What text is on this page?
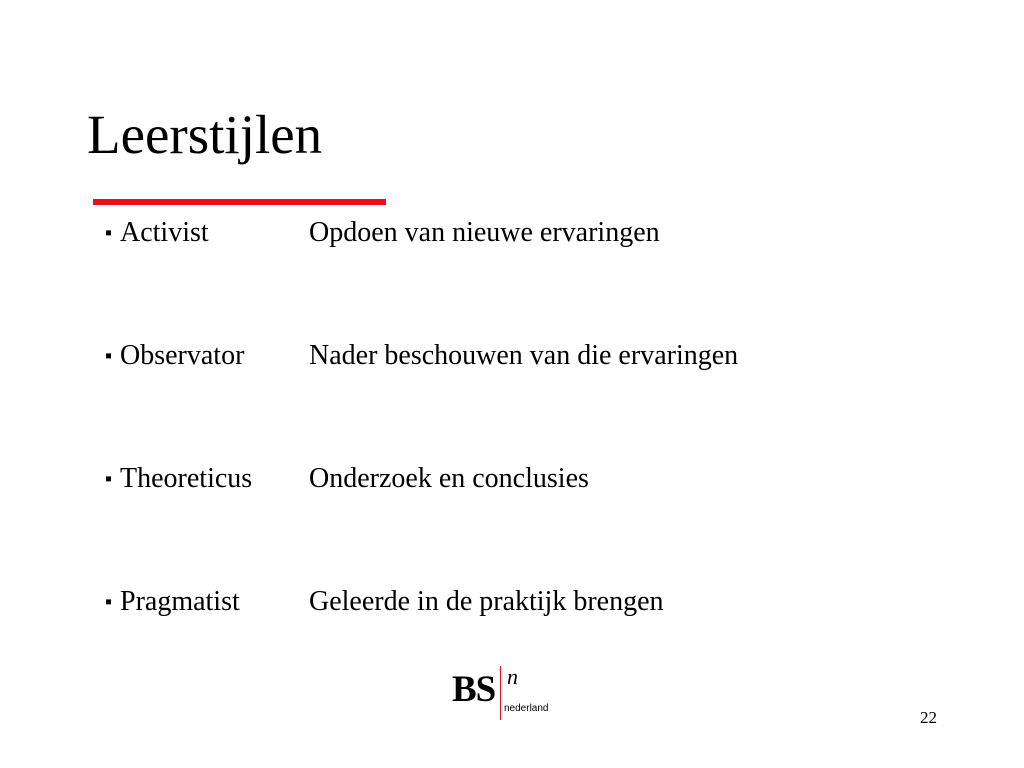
Leerstijlen
▪ Activist	Opdoen van nieuwe ervaringen
▪ Observator Nader beschouwen van die ervaringen
▪ Theoreticus Onderzoek en conclusies
▪ Pragmatist Geleerde in de praktijk brengen
BS n
nederland	22
